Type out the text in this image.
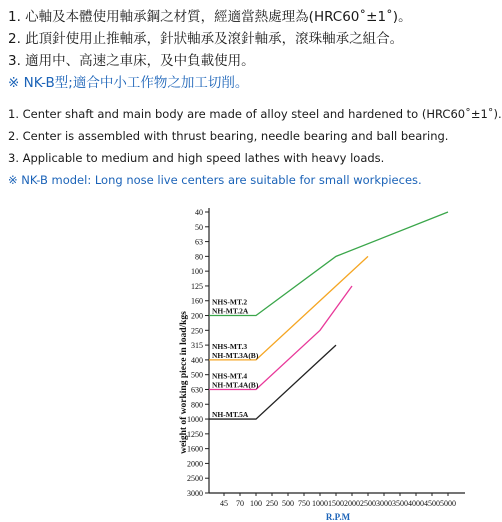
1. 心軸及本體使用軸承鋼之材質，經適當熱處理為(HRC60˚±1˚)。
2. 此頂針使用止推軸承，針狀軸承及滾針軸承，滾珠軸承之組合。
3. 適用中、高速之車床，及中負載使用。
※ NK-B型;適合中小工作物之加工切削。
1. Center shaft and main body are made of alloy steel and hardened to (HRC60˚±1˚).
2. Center is assembled with thrust bearing, needle bearing and ball bearing.
3. Applicable to medium and high speed lathes with heavy loads.
※ NK-B model: Long nose live centers are suitable for small workpieces.
40
50
63
80
100
125
160
200
250
315
400
500
630
800
1000
1250
1600
2000
2500
3000
45 70 100 250 500 750 1000 1500 2000 2500 3000 3500 4000 4500 5000
R.P.M
weight of working piece in load/kgs
NHS-MT.2
NH-MT.2A
NHS-MT.3
NH-MT.3A(B)
NHS-MT.4
NH-MT.4A(B)
NH-MT.5A
